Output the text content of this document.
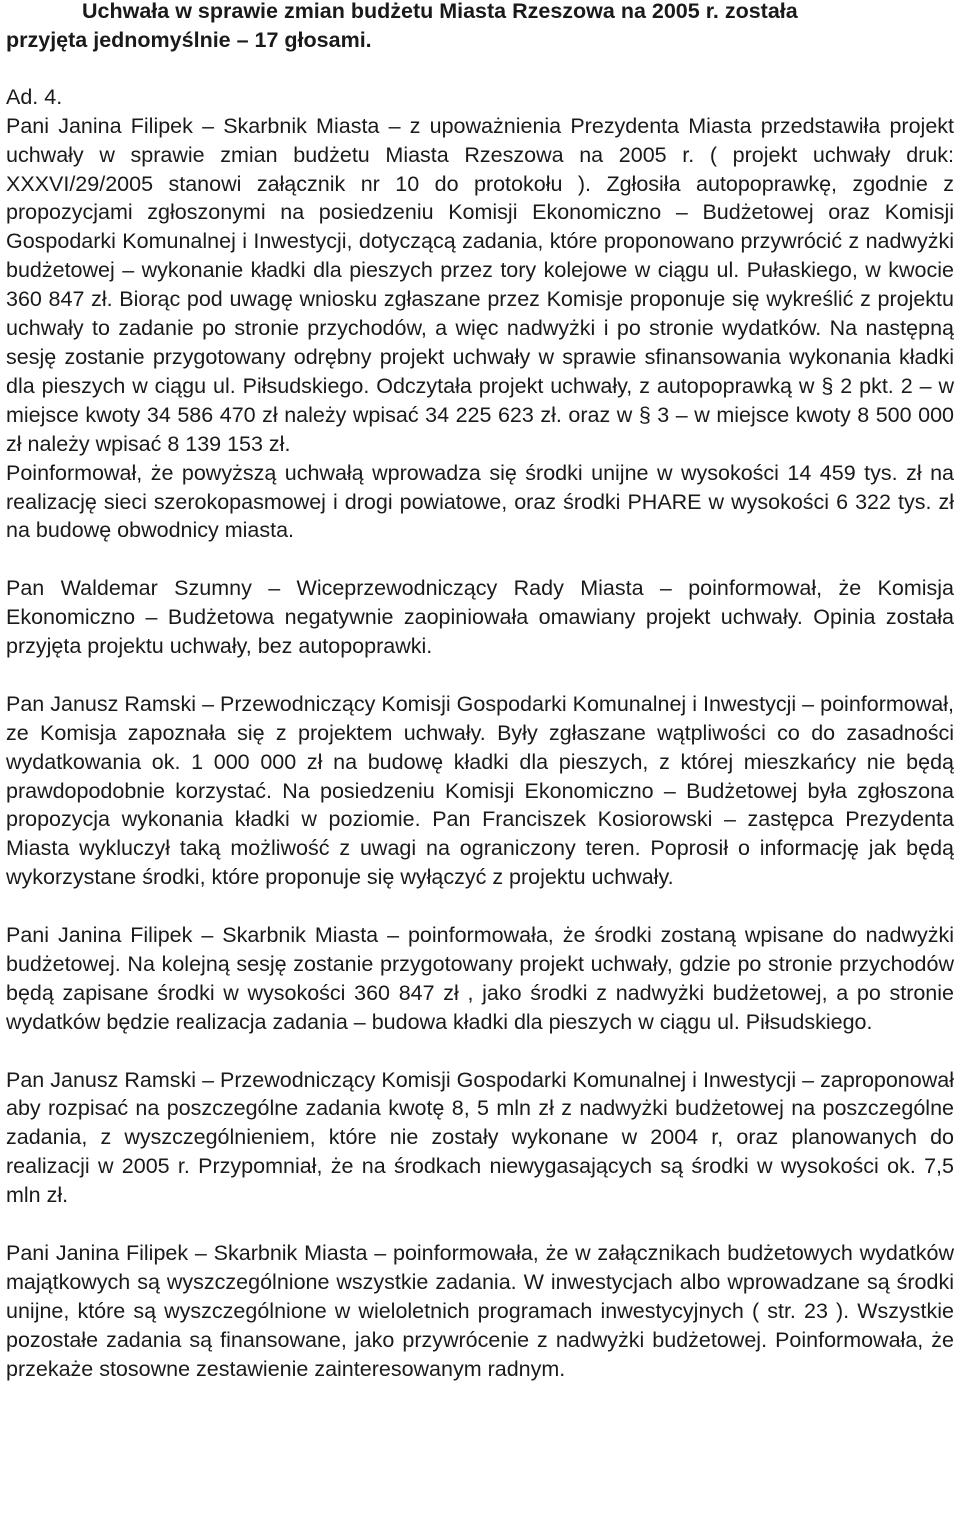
Uchwała w sprawie zmian budżetu Miasta Rzeszowa na 2005 r. została
przyjęta jednomyślnie – 17 głosami.

Ad. 4.

Pani Janina Filipek – Skarbnik Miasta – z upoważnienia Prezydenta Miasta przedstawiła projekt uchwały w sprawie zmian budżetu Miasta Rzeszowa na 2005 r. ( projekt uchwały druk: XXXVI/29/2005 stanowi załącznik nr 10 do protokołu ). Zgłosiła autopoprawkę, zgodnie z propozycjami zgłoszonymi na posiedzeniu Komisji Ekonomiczno – Budżetowej oraz Komisji Gospodarki Komunalnej i Inwestycji, dotyczącą zadania, które proponowano przywrócić z nadwyżki budżetowej – wykonanie kładki dla pieszych przez tory kolejowe w ciągu ul. Pułaskiego, w kwocie 360 847 zł. Biorąc pod uwagę wniosku zgłaszane przez Komisje proponuje się wykreślić z projektu uchwały to zadanie po stronie przychodów, a więc nadwyżki i po stronie wydatków. Na następną sesję zostanie przygotowany odrębny projekt uchwały w sprawie sfinansowania wykonania kładki dla pieszych w ciągu ul. Piłsudskiego. Odczytała projekt uchwały, z autopoprawką w § 2 pkt. 2 – w miejsce kwoty 34 586 470 zł należy wpisać 34 225 623 zł. oraz w § 3 – w miejsce kwoty 8 500 000 zł należy wpisać 8 139 153 zł.

Poinformował, że powyższą uchwałą wprowadza się środki unijne w wysokości 14 459 tys. zł na realizację sieci szerokopasmowej i drogi powiatowe, oraz środki PHARE w wysokości 6 322 tys. zł na budowę obwodnicy miasta.

Pan Waldemar Szumny – Wiceprzewodniczący Rady Miasta – poinformował, że Komisja Ekonomiczno – Budżetowa negatywnie zaopiniowała omawiany projekt uchwały. Opinia została przyjęta projektu uchwały, bez autopoprawki.

Pan Janusz Ramski – Przewodniczący Komisji Gospodarki Komunalnej i Inwestycji – poinformował, ze Komisja zapoznała się z projektem uchwały. Były zgłaszane wątpliwości co do zasadności wydatkowania ok. 1 000 000 zł na budowę kładki dla pieszych, z której mieszkańcy nie będą prawdopodobnie korzystać. Na posiedzeniu Komisji Ekonomiczno – Budżetowej była zgłoszona propozycja wykonania kładki w poziomie. Pan Franciszek Kosiorowski – zastępca Prezydenta Miasta wykluczył taką możliwość z uwagi na ograniczony teren. Poprosił o informację jak będą wykorzystane środki, które proponuje się wyłączyć z projektu uchwały.

Pani Janina Filipek – Skarbnik Miasta – poinformowała, że środki zostaną wpisane do nadwyżki budżetowej. Na kolejną sesję zostanie przygotowany projekt uchwały, gdzie po stronie przychodów będą zapisane środki w wysokości 360 847 zł , jako środki z nadwyżki budżetowej, a po stronie wydatków będzie realizacja zadania – budowa kładki dla pieszych w ciągu ul. Piłsudskiego.

Pan Janusz Ramski – Przewodniczący Komisji Gospodarki Komunalnej i Inwestycji – zaproponował aby rozpisać na poszczególne zadania kwotę 8, 5 mln zł z nadwyżki budżetowej na poszczególne zadania, z wyszczególnieniem, które nie zostały wykonane w 2004 r, oraz planowanych do realizacji w 2005 r. Przypomniał, że na środkach niewygasających są środki w wysokości ok. 7,5 mln zł.

Pani Janina Filipek – Skarbnik Miasta – poinformowała, że w załącznikach budżetowych wydatków majątkowych są wyszczególnione wszystkie zadania. W inwestycjach albo wprowadzane są środki unijne, które są wyszczególnione w wieloletnich programach inwestycyjnych ( str. 23 ). Wszystkie pozostałe zadania są finansowane, jako przywrócenie z nadwyżki budżetowej. Poinformowała, że przekaże stosowne zestawienie zainteresowanym radnym.
